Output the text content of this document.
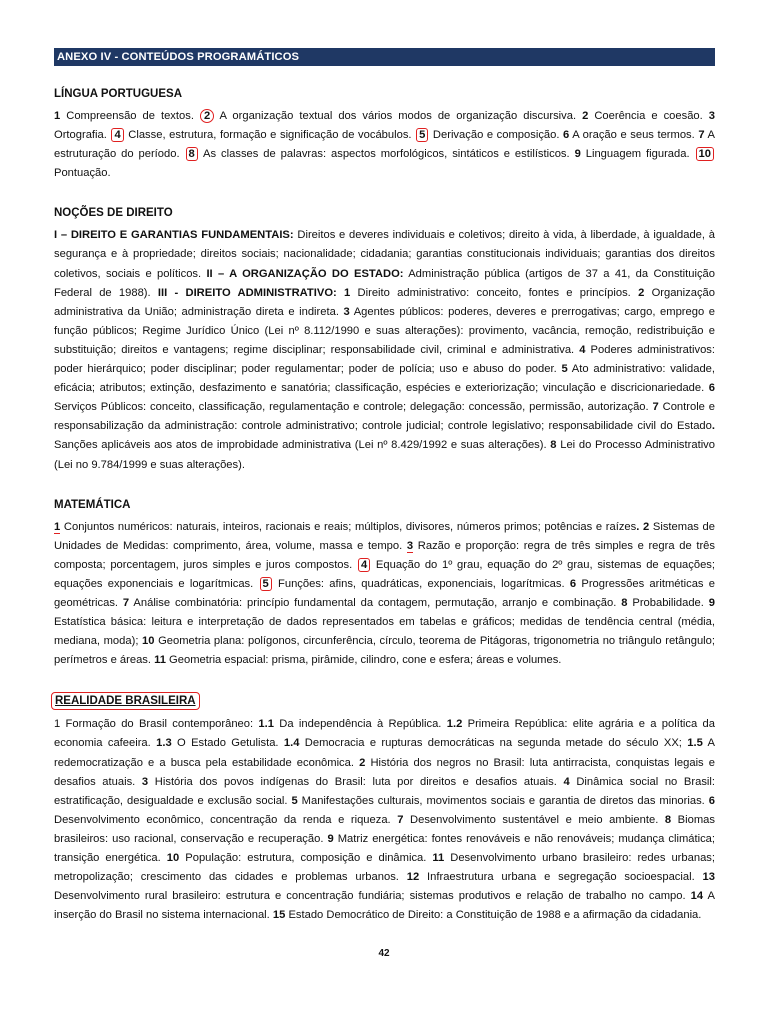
ANEXO IV - CONTEÚDOS PROGRAMÁTICOS
LÍNGUA PORTUGUESA

1 Compreensão de textos. 2 A organização textual dos vários modos de organização discursiva. 2 Coerência e coesão. 3 Ortografia. 4 Classe, estrutura, formação e significação de vocábulos. 5 Derivação e composição. 6 A oração e seus termos. 7 A estruturação do período. 8 As classes de palavras: aspectos morfológicos, sintáticos e estilísticos. 9 Linguagem figurada. 10 Pontuação.

NOÇÕES DE DIREITO

I – DIREITO E GARANTIAS FUNDAMENTAIS: Direitos e deveres individuais e coletivos; direito à vida, à liberdade, à igualdade, à segurança e à propriedade; direitos sociais; nacionalidade; cidadania; garantias constitucionais individuais; garantias dos direitos coletivos, sociais e políticos. II – A ORGANIZAÇÃO DO ESTADO: Administração pública (artigos de 37 a 41, da Constituição Federal de 1988). III - DIREITO ADMINISTRATIVO: 1 Direito administrativo: conceito, fontes e princípios. 2 Organização administrativa da União; administração direta e indireta. 3 Agentes públicos: poderes, deveres e prerrogativas; cargo, emprego e função públicos; Regime Jurídico Único (Lei nº 8.112/1990 e suas alterações): provimento, vacância, remoção, redistribuição e substituição; direitos e vantagens; regime disciplinar; responsabilidade civil, criminal e administrativa. 4 Poderes administrativos: poder hierárquico; poder disciplinar; poder regulamentar; poder de polícia; uso e abuso do poder. 5 Ato administrativo: validade, eficácia; atributos; extinção, desfazimento e sanatória; classificação, espécies e exteriorização; vinculação e discricionariedade. 6 Serviços Públicos: conceito, classificação, regulamentação e controle; delegação: concessão, permissão, autorização. 7 Controle e responsabilização da administração: controle administrativo; controle judicial; controle legislativo; responsabilidade civil do Estado. Sanções aplicáveis aos atos de improbidade administrativa (Lei nº 8.429/1992 e suas alterações). 8 Lei do Processo Administrativo (Lei no 9.784/1999 e suas alterações).

MATEMÁTICA

1 Conjuntos numéricos: naturais, inteiros, racionais e reais; múltiplos, divisores, números primos; potências e raízes. 2 Sistemas de Unidades de Medidas: comprimento, área, volume, massa e tempo. 3 Razão e proporção: regra de três simples e regra de três composta; porcentagem, juros simples e juros compostos. 4 Equação do 1º grau, equação do 2º grau, sistemas de equações; equações exponenciais e logarítmicas. 5 Funções: afins, quadráticas, exponenciais, logarítmicas. 6 Progressões aritméticas e geométricas. 7 Análise combinatória: princípio fundamental da contagem, permutação, arranjo e combinação. 8 Probabilidade. 9 Estatística básica: leitura e interpretação de dados representados em tabelas e gráficos; medidas de tendência central (média, mediana, moda); 10 Geometria plana: polígonos, circunferência, círculo, teorema de Pitágoras, trigonometria no triângulo retângulo; perímetros e áreas. 11 Geometria espacial: prisma, pirâmide, cilindro, cone e esfera; áreas e volumes.

REALIDADE BRASILEIRA

1 Formação do Brasil contemporâneo: 1.1 Da independência à República. 1.2 Primeira República: elite agrária e a política da economia cafeeira. 1.3 O Estado Getulista. 1.4 Democracia e rupturas democráticas na segunda metade do século XX; 1.5 A redemocratização e a busca pela estabilidade econômica. 2 História dos negros no Brasil: luta antirracista, conquistas legais e desafios atuais. 3 História dos povos indígenas do Brasil: luta por direitos e desafios atuais. 4 Dinâmica social no Brasil: estratificação, desigualdade e exclusão social. 5 Manifestações culturais, movimentos sociais e garantia de diretos das minorias. 6 Desenvolvimento econômico, concentração da renda e riqueza. 7 Desenvolvimento sustentável e meio ambiente. 8 Biomas brasileiros: uso racional, conservação e recuperação. 9 Matriz energética: fontes renováveis e não renováveis; mudança climática; transição energética. 10 População: estrutura, composição e dinâmica. 11 Desenvolvimento urbano brasileiro: redes urbanas; metropolização; crescimento das cidades e problemas urbanos. 12 Infraestrutura urbana e segregação socioespacial. 13 Desenvolvimento rural brasileiro: estrutura e concentração fundiária; sistemas produtivos e relação de trabalho no campo. 14 A inserção do Brasil no sistema internacional. 15 Estado Democrático de Direito: a Constituição de 1988 e a afirmação da cidadania.

42
